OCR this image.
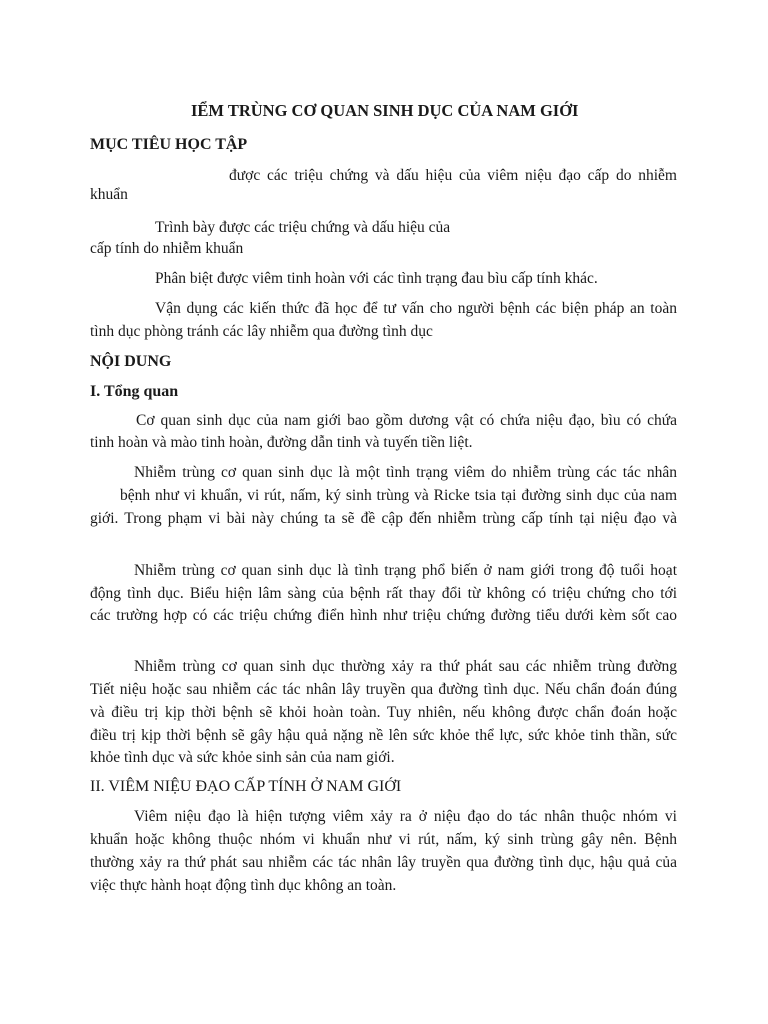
IỂM TRÙNG CƠ QUAN SINH DỤC CỦA NAM GIỚI
MỤC TIÊU HỌC TẬP
được các triệu chứng và dấu hiệu của viêm niệu đạo cấp do nhiễm
khuẩn
Trình bày được các triệu chứng và dấu hiệu của
cấp tính do nhiễm khuẩn
Phân biệt được viêm tinh hoàn với các tình trạng đau bìu cấp tính khác.
Vận dụng các kiến thức đã học để tư vấn cho người bệnh các biện pháp an toàn
tình dục phòng tránh các lây nhiễm qua đường tình dục
NỘI DUNG
I. Tổng quan
Cơ quan sinh dục của nam giới bao gồm dương vật có chứa niệu đạo, bìu có chứa
tinh hoàn và mào tinh hoàn, đường dẫn tinh và tuyến tiền liệt.
Nhiễm trùng cơ quan sinh dục là một tình trạng viêm do nhiễm trùng các tác nhân
bệnh như vi khuẩn, vi rút, nấm, ký sinh trùng và Ricke tsia tại đường sinh dục của nam
giới. Trong phạm vi bài này chúng ta sẽ đề cập đến nhiễm trùng cấp tính tại niệu đạo và
Nhiễm trùng cơ quan sinh dục là tình trạng phổ biến ở nam giới trong độ tuổi hoạt
động tình dục. Biểu hiện lâm sàng của bệnh rất thay đổi từ không có triệu chứng cho tới
các trường hợp có các triệu chứng điển hình như triệu chứng đường tiểu dưới kèm sốt cao
Nhiễm trùng cơ quan sinh dục thường xảy ra thứ phát sau các nhiễm trùng đường
Tiết niệu hoặc sau nhiễm các tác nhân lây truyền qua đường tình dục. Nếu chẩn đoán đúng
và điều trị kịp thời bệnh sẽ khỏi hoàn toàn. Tuy nhiên, nếu không được chẩn đoán hoặc
điều trị kịp thời bệnh sẽ gây hậu quả nặng nề lên sức khỏe thể lực, sức khỏe tinh thần, sức
khỏe tình dục và sức khỏe sinh sản của nam giới.
II. VIÊM NIỆU ĐẠO CẤP TÍNH Ở NAM GIỚI
Viêm niệu đạo là hiện tượng viêm xảy ra ở niệu đạo do tác nhân thuộc nhóm vi
khuẩn hoặc không thuộc nhóm vi khuẩn như vi rút, nấm, ký sinh trùng gây nên. Bệnh
thường xảy ra thứ phát sau nhiễm các tác nhân lây truyền qua đường tình dục, hậu quả của
việc thực hành hoạt động tình dục không an toàn.
